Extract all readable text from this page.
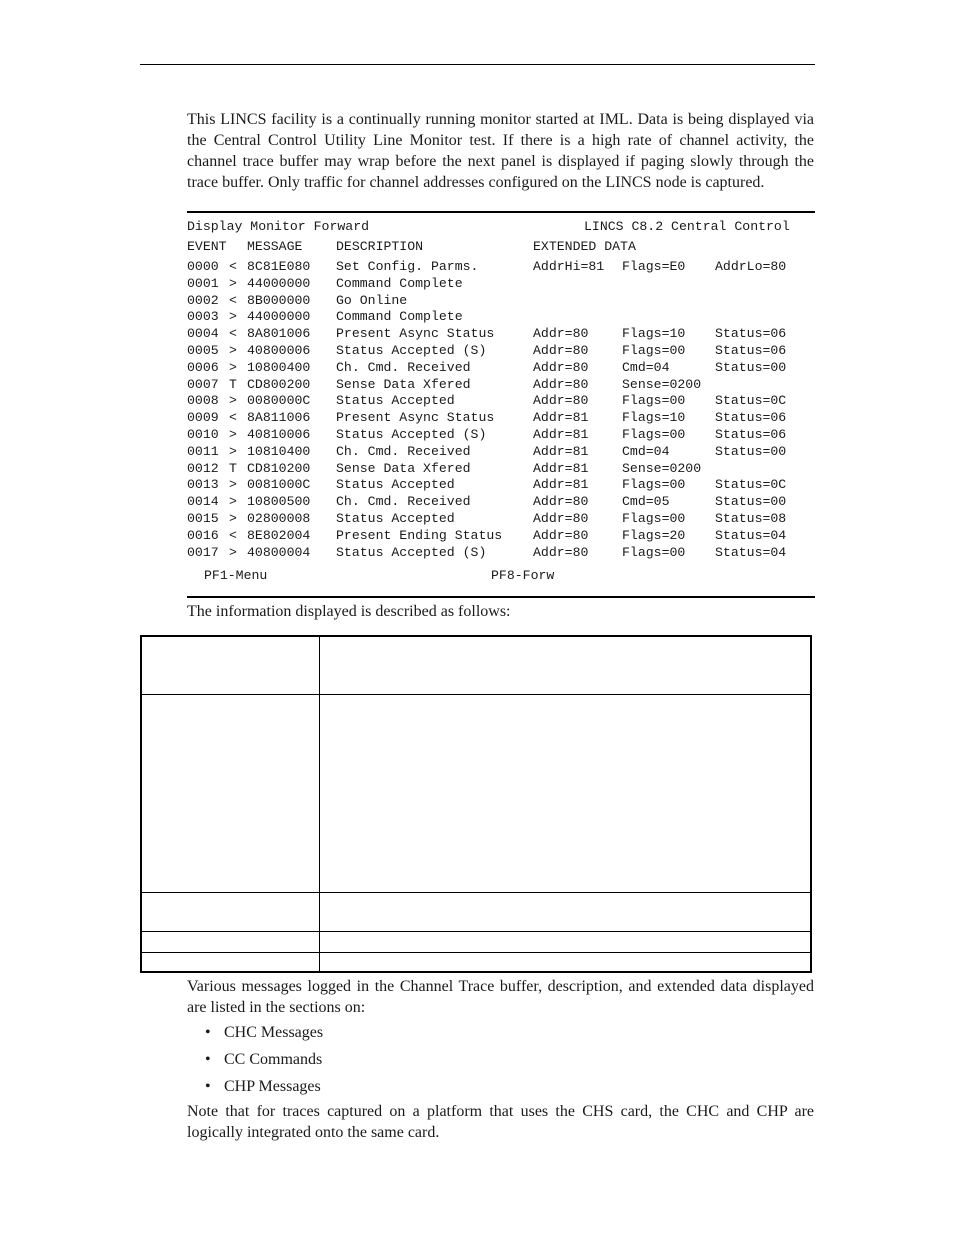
This LINCS facility is a continually running monitor started at IML. Data is being displayed via the Central Control Utility Line Monitor test. If there is a high rate of channel activity, the channel trace buffer may wrap before the next panel is displayed if paging slowly through the trace buffer. Only traffic for channel addresses configured on the LINCS node is captured.

Display Monitor Forward	LINCS C8.2 Central Control
EVENT MESSAGE	DESCRIPTION	EXTENDED DATA
0000 < 8C81E080 Set Config. Parms.	AddrHi=81 Flags=E0 AddrLo=80
0001 > 44000000 Command Complete
0002 < 8B000000 Go Online
0003 > 44000000 Command Complete
0004 < 8A801006 Present Async Status	Addr=80	Flags=10 Status=06
0005 > 40800006 Status Accepted (S)	Addr=80	Flags=00 Status=06
0006 > 10800400 Ch. Cmd. Received	Addr=80	Cmd=04	Status=00
0007 T CD800200 Sense Data Xfered	Addr=80	Sense=0200
0008 > 0080000C Status Accepted	Addr=80	Flags=00 Status=0C
0009 < 8A811006 Present Async Status	Addr=81	Flags=10 Status=06
0010 > 40810006 Status Accepted (S)	Addr=81	Flags=00 Status=06
0011 > 10810400 Ch. Cmd. Received	Addr=81	Cmd=04	Status=00
0012 T CD810200 Sense Data Xfered	Addr=81	Sense=0200
0013 > 0081000C Status Accepted	Addr=81	Flags=00 Status=0C
0014 > 10800500 Ch. Cmd. Received	Addr=80	Cmd=05	Status=00
0015 > 02800008 Status Accepted	Addr=80	Flags=00 Status=08
0016 < 8E802004 Present Ending Status Addr=80	Flags=20 Status=04
0017 > 40800004 Status Accepted (S)	Addr=80	Flags=00 Status=04
PF1-Menu	PF8-Forw

The information displayed is described as follows:

Various messages logged in the Channel Trace buffer, description, and extended data displayed are listed in the sections on:

• CHC Messages
• CC Commands
• CHP Messages

Note that for traces captured on a platform that uses the CHS card, the CHC and CHP are logically integrated onto the same card.
